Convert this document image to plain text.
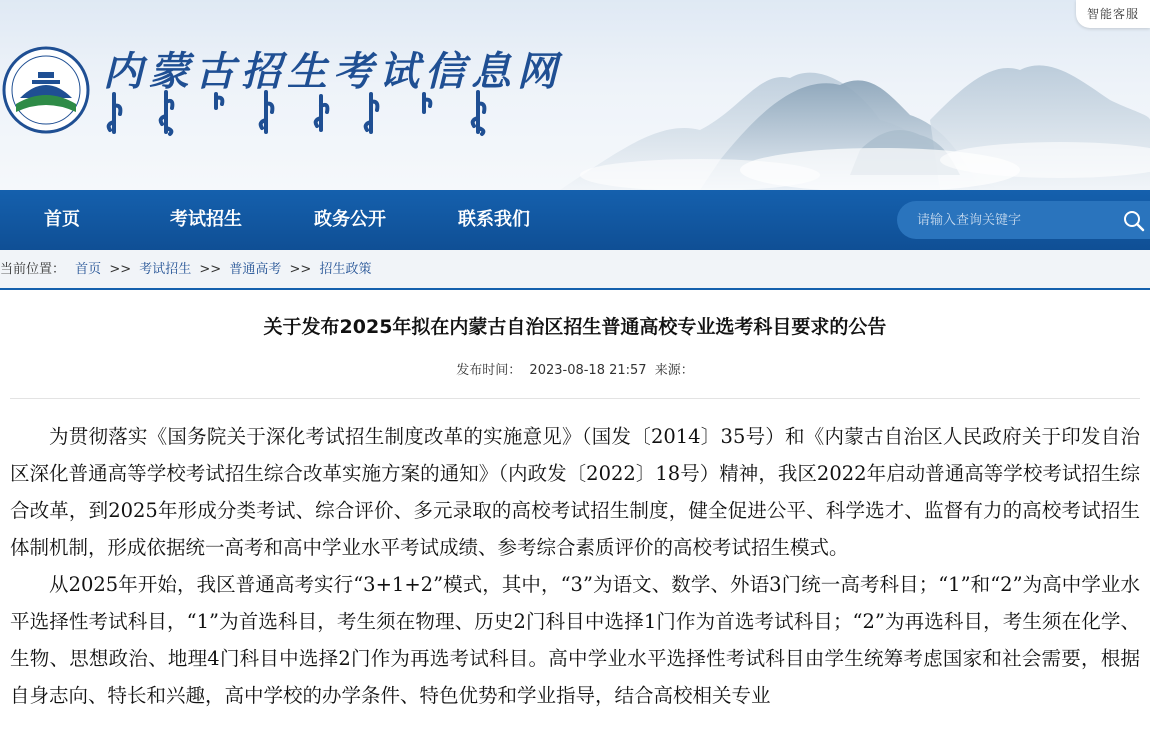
内蒙古招生考试信息网
智能客服
首页	考试招生	政务公开	联系我们
请输入查询关键字
当前位置： 首页 >> 考试招生 >> 普通高考 >> 招生政策
关于发布2025年拟在内蒙古自治区招生普通高校专业选考科目要求的公告
发布时间： 2023-08-18 21:57 来源：

为贯彻落实《国务院关于深化考试招生制度改革的实施意见》（国发〔2014〕35号）和《内蒙古自治区人民政府关于印发自治区深化普通高等学校考试招生综合改革实施方案的通知》（内政发〔2022〕18号）精神，我区2022年启动普通高等学校考试招生综合改革，到2025年形成分类考试、综合评价、多元录取的高校考试招生制度，健全促进公平、科学选才、监督有力的高校考试招生体制机制，形成依据统一高考和高中学业水平考试成绩、参考综合素质评价的高校考试招生模式。

从2025年开始，我区普通高考实行“3+1+2”模式，其中，“3”为语文、数学、外语3门统一高考科目；“1”和“2”为高中学业水平选择性考试科目，“1”为首选科目，考生须在物理、历史2门科目中选择1门作为首选考试科目；“2”为再选科目，考生须在化学、生物、思想政治、地理4门科目中选择2门作为再选考试科目。高中学业水平选择性考试科目由学生统筹考虑国家和社会需要，根据自身志向、特长和兴趣，高中学校的办学条件、特色优势和学业指导，结合高校相关专业
